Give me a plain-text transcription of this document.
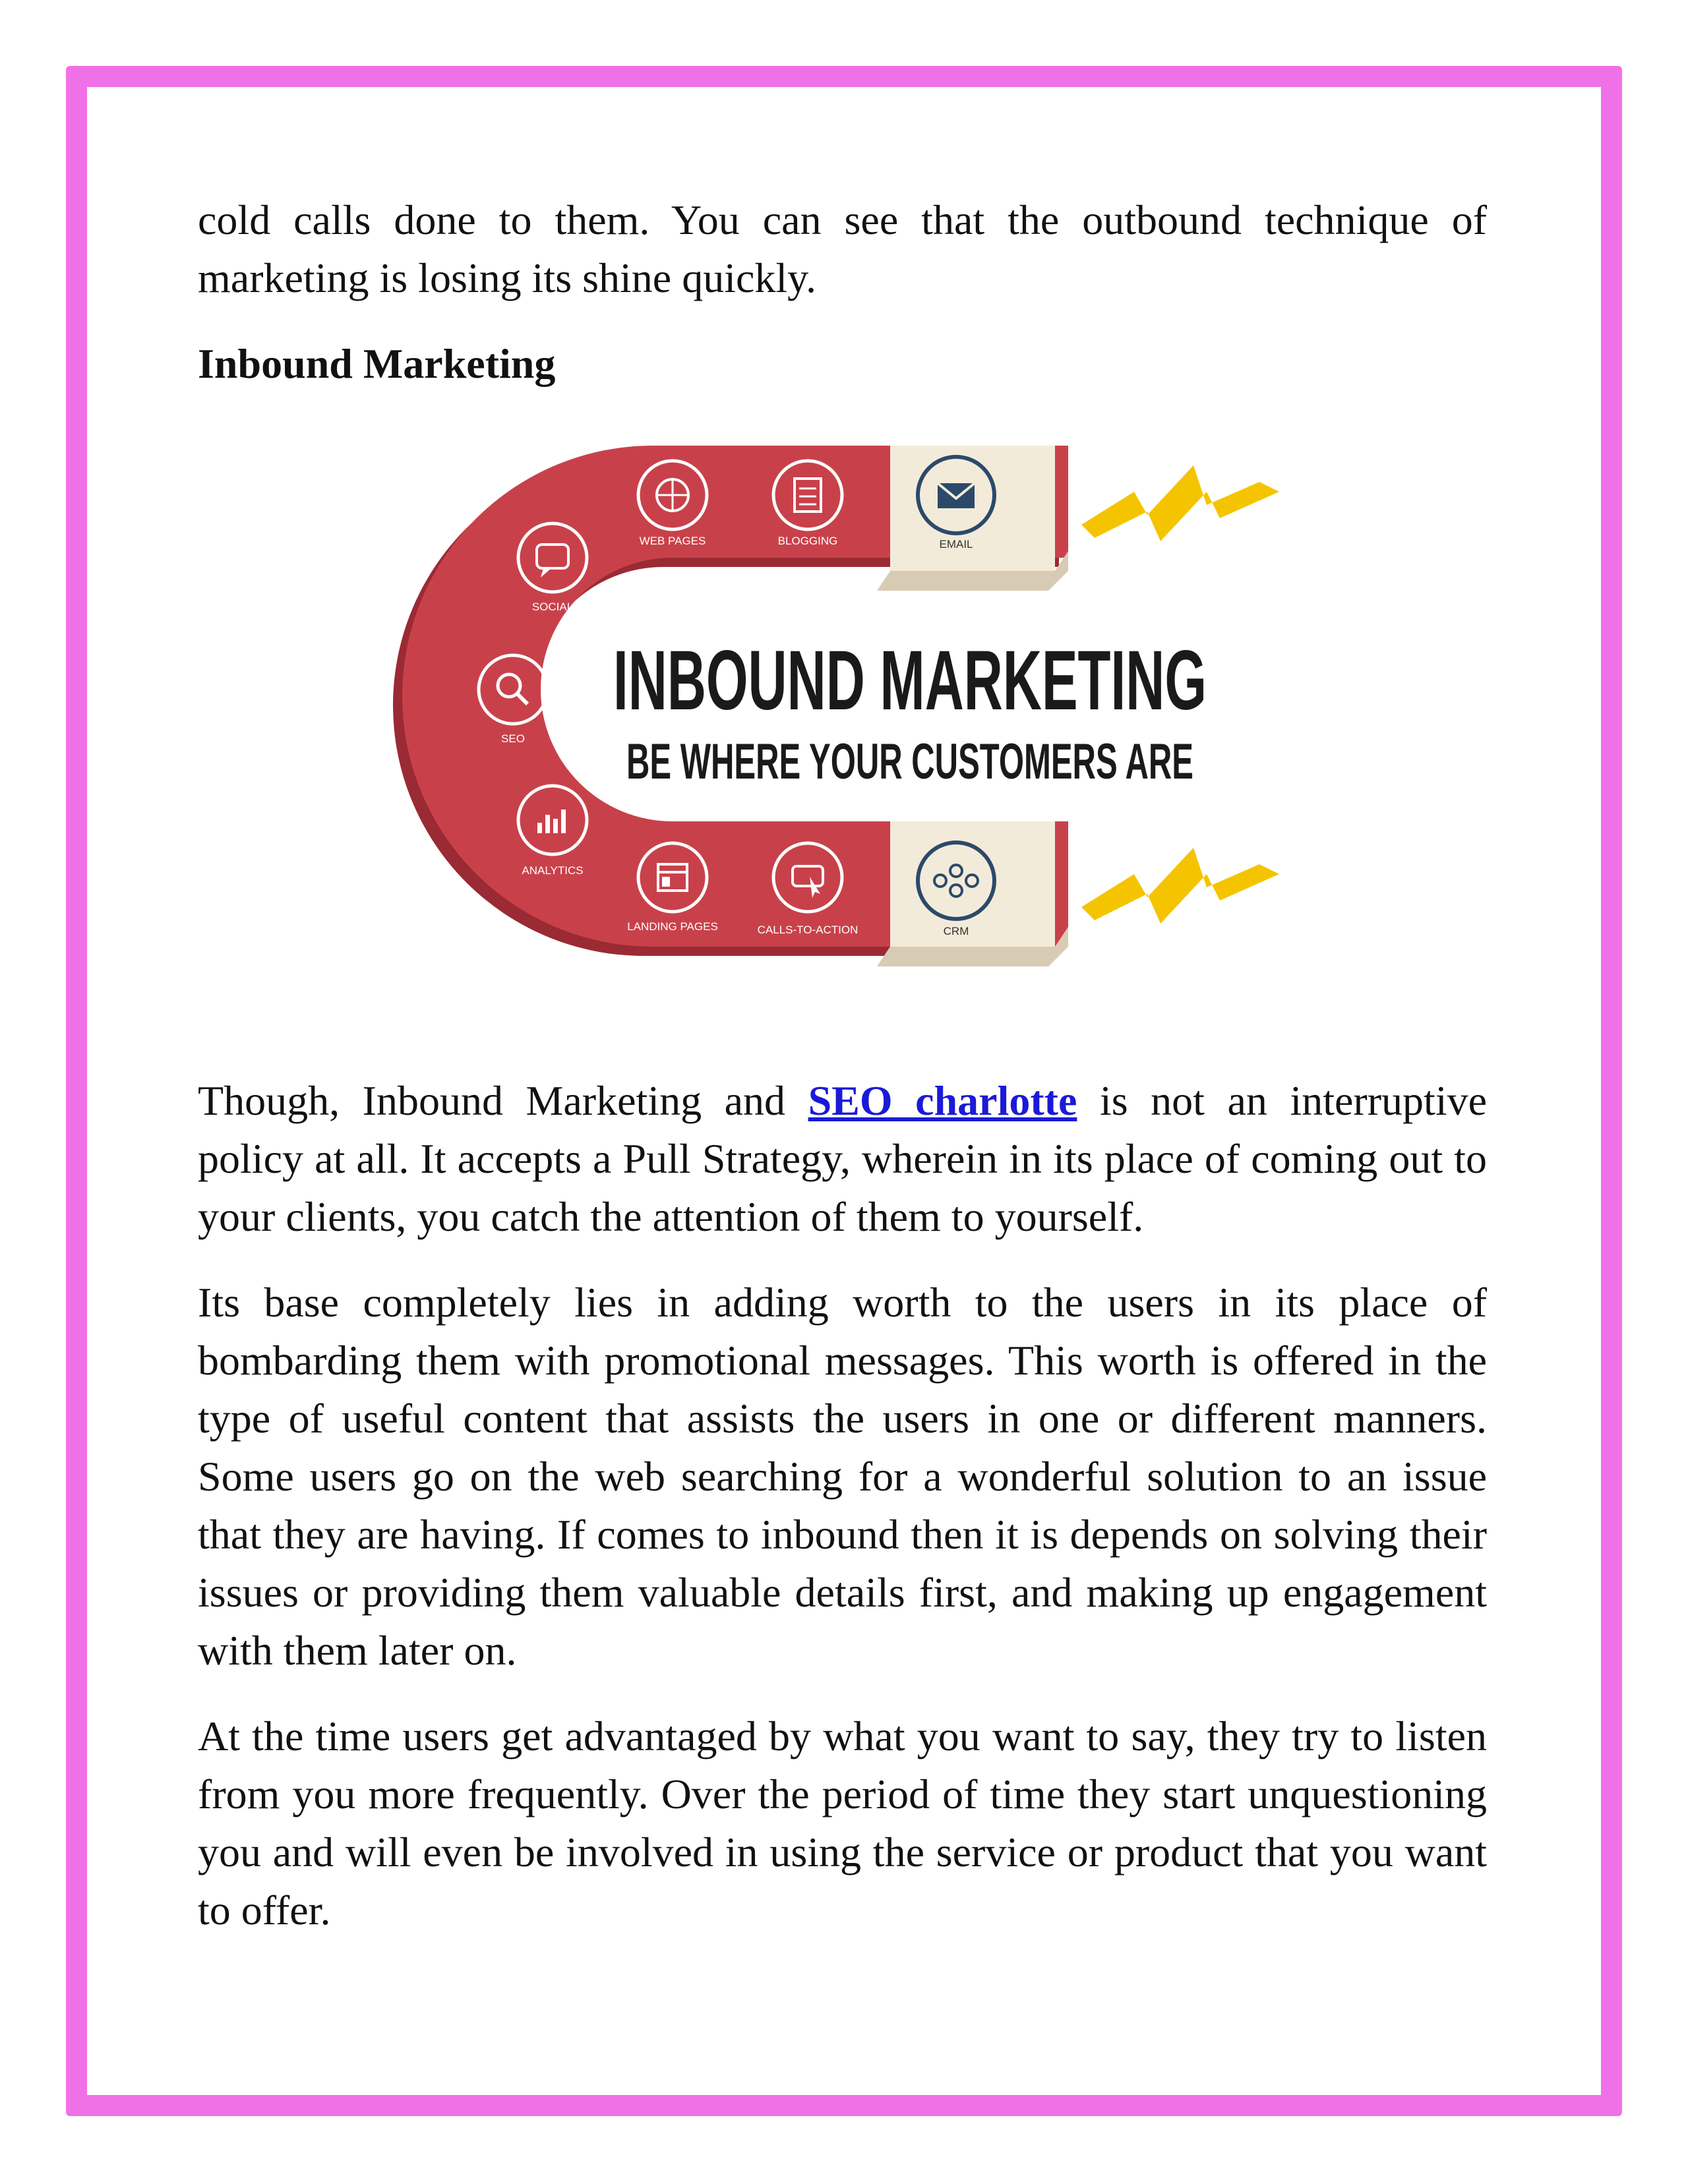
cold calls done to them. You can see that the outbound technique of marketing is losing its shine quickly.

Inbound Marketing

WEB PAGES	BLOGGING	EMAIL
SOCIAL
SEO
ANALYTICS
LANDING PAGES	CALLS-TO-ACTION	CRM
INBOUND MARKETING
BE WHERE YOUR CUSTOMERS ARE

Though, Inbound Marketing and SEO charlotte is not an interruptive policy at all. It accepts a Pull Strategy, wherein in its place of coming out to your clients, you catch the attention of them to yourself.

Its base completely lies in adding worth to the users in its place of bombarding them with promotional messages. This worth is offered in the type of useful content that assists the users in one or different manners. Some users go on the web searching for a wonderful solution to an issue that they are having. If comes to inbound then it is depends on solving their issues or providing them valuable details first, and making up engagement with them later on.

At the time users get advantaged by what you want to say, they try to listen from you more frequently. Over the period of time they start unquestioning you and will even be involved in using the service or product that you want to offer.
